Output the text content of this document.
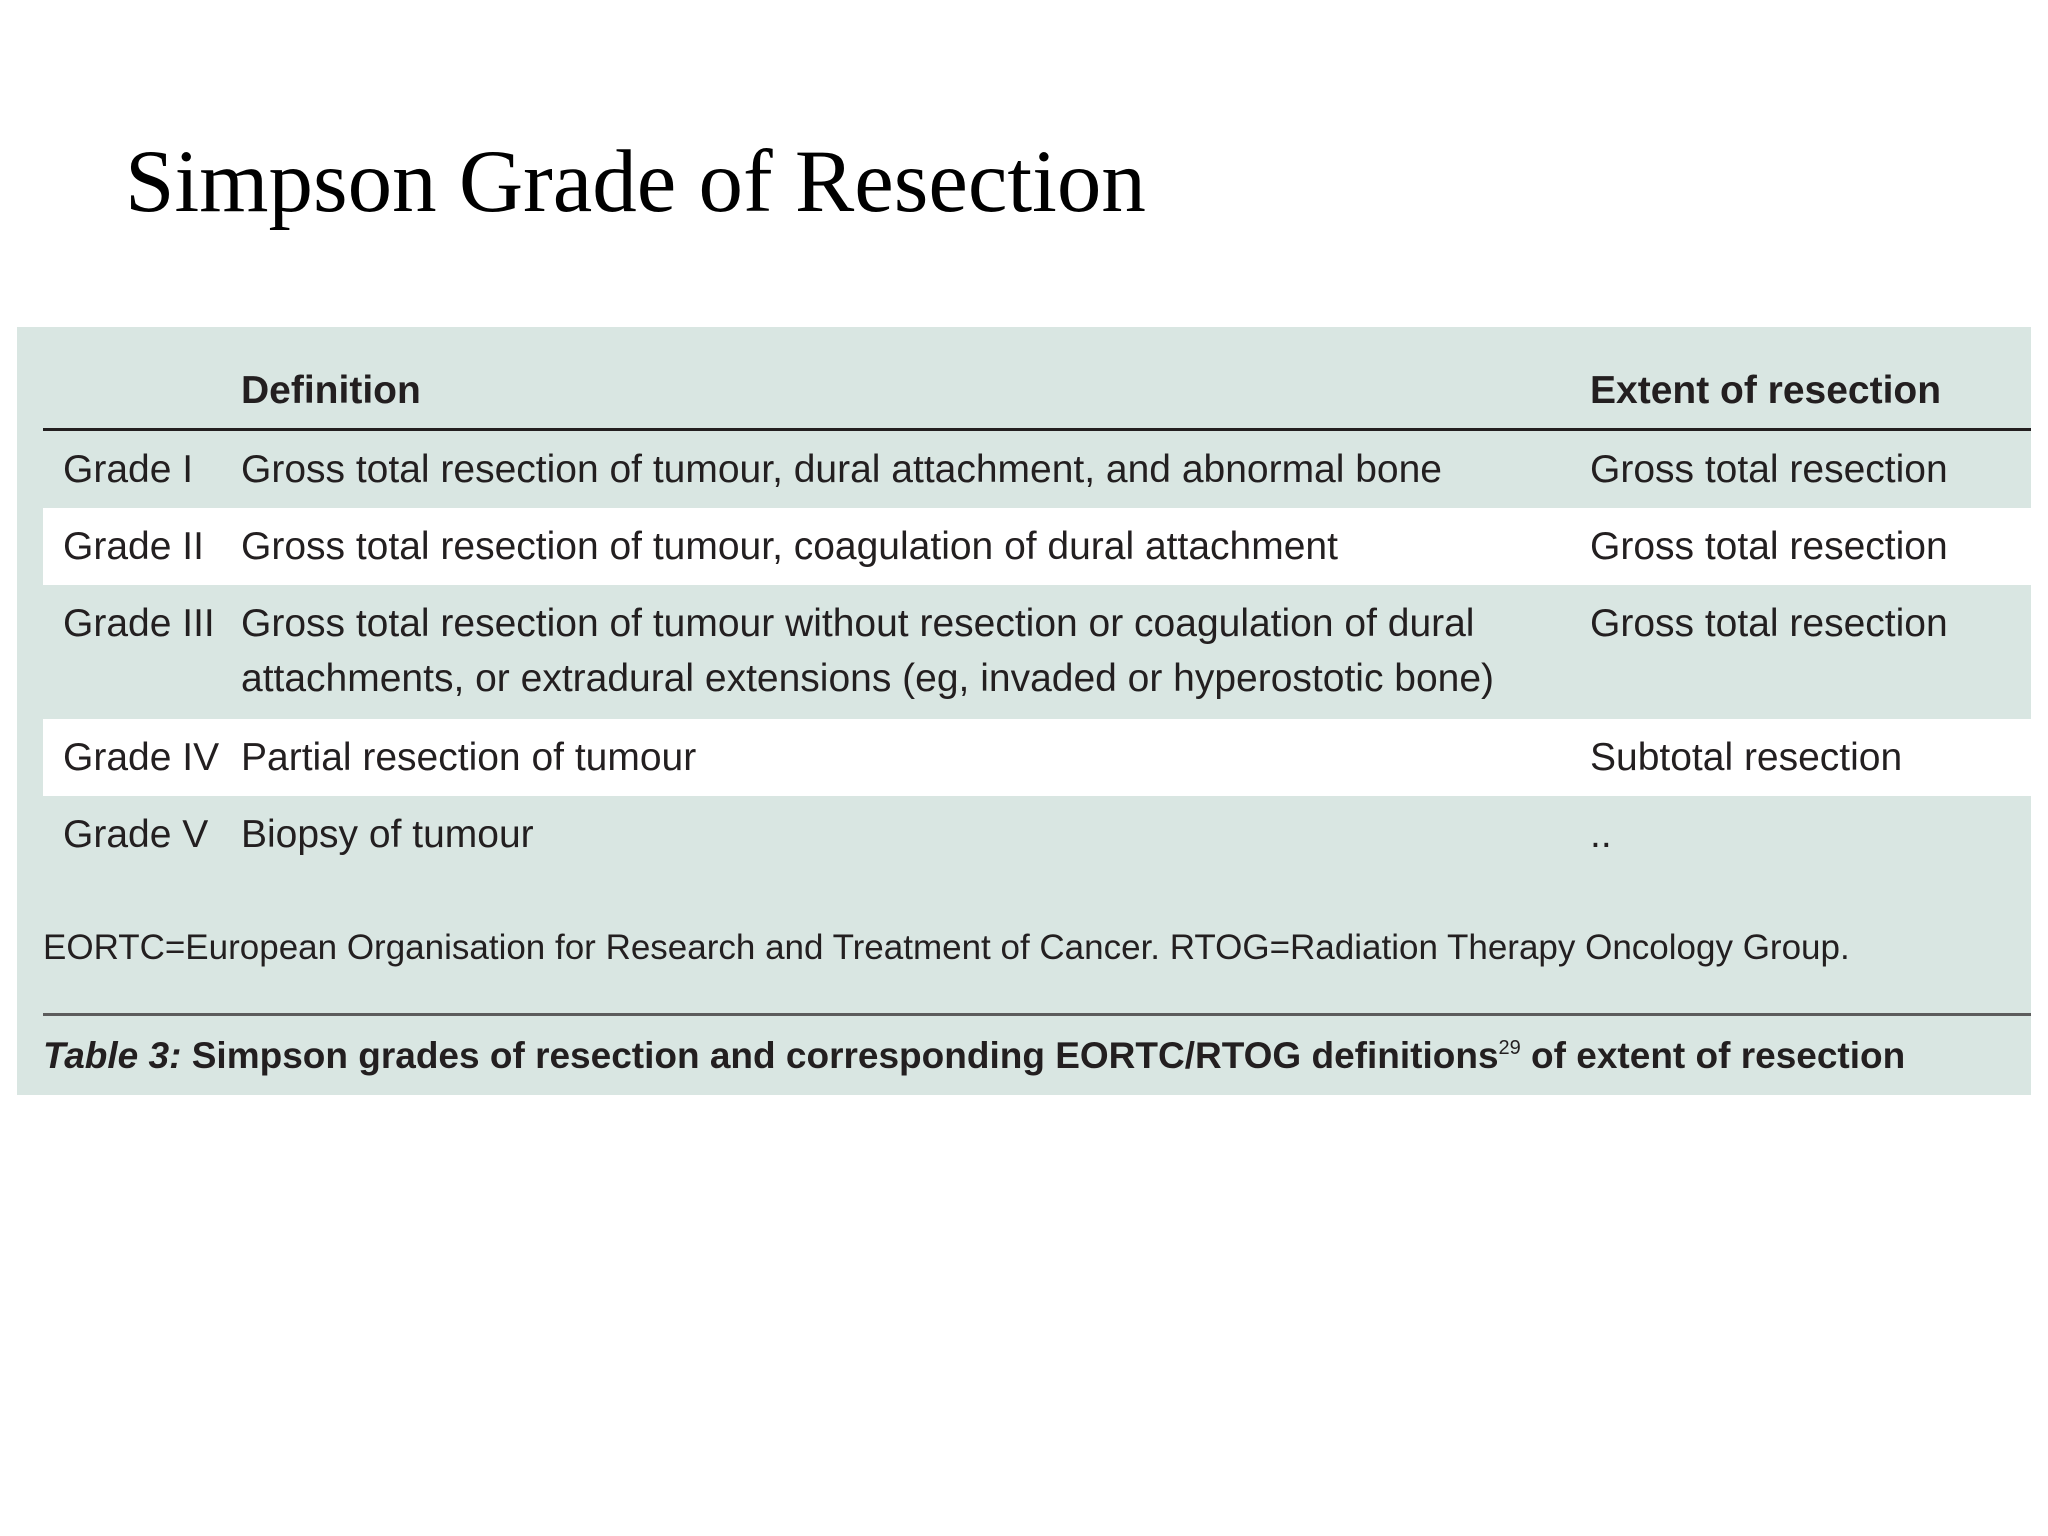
Simpson Grade of Resection
Definition	Extent of resection
Grade I	Gross total resection of tumour, dural attachment, and abnormal bone	Gross total resection
Grade II Gross total resection of tumour, coagulation of dural attachment	Gross total resection
Grade III Gross total resection of tumour without resection or coagulation of dural
attachments, or extradural extensions (eg, invaded or hyperostotic bone)
Gross total resection
Grade IV Partial resection of tumour	Subtotal resection
Grade V Biopsy of tumour	..
EORTC=European Organisation for Research and Treatment of Cancer. RTOG=Radiation Therapy Oncology Group.
Table 3: Simpson grades of resection and corresponding EORTC/RTOG definitions$^{29}$ of extent of resection
